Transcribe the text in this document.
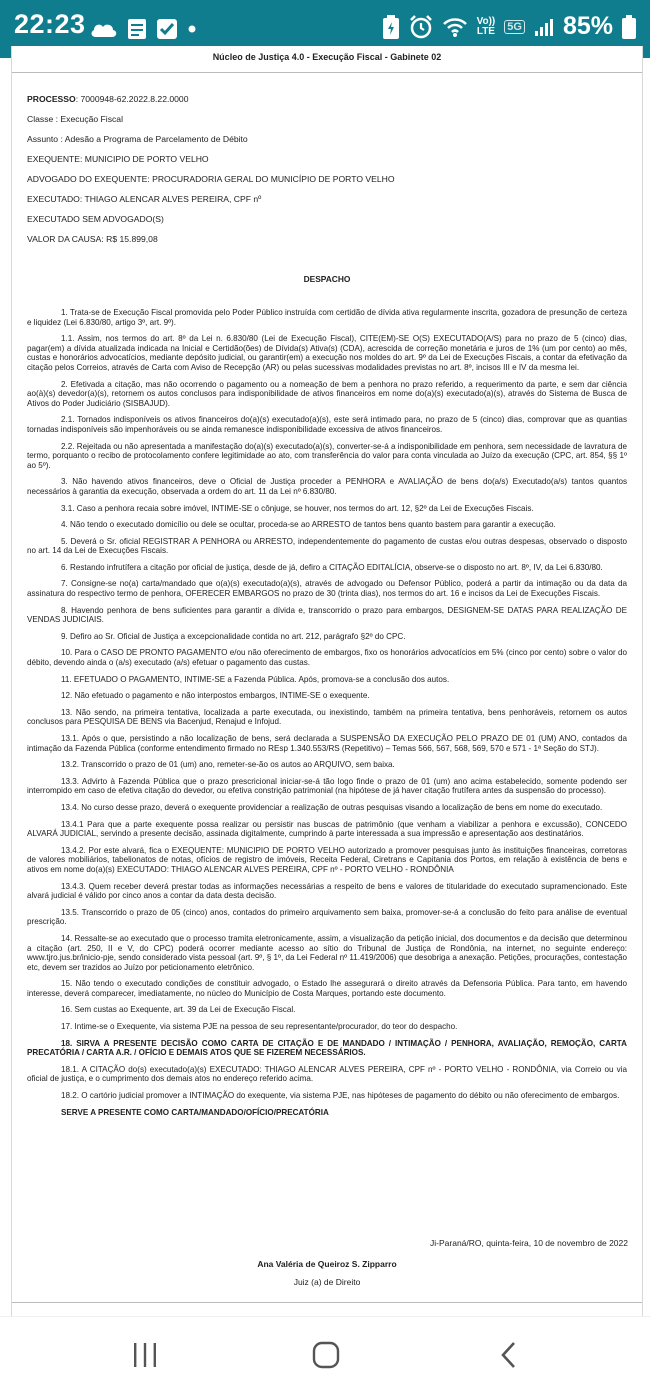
22:23	Vo))
LTE 5G 85%
Núcleo de Justiça 4.0 - Execução Fiscal - Gabinete 02
PROCESSO: 7000948-62.2022.8.22.0000
Classe : Execução Fiscal
Assunto : Adesão a Programa de Parcelamento de Débito
EXEQUENTE: MUNICIPIO DE PORTO VELHO
ADVOGADO DO EXEQUENTE: PROCURADORIA GERAL DO MUNICÍPIO DE PORTO VELHO
EXECUTADO: THIAGO ALENCAR ALVES PEREIRA, CPF nº
EXECUTADO SEM ADVOGADO(S)
VALOR DA CAUSA: R$ 15.899,08
DESPACHO

1. Trata-se de Execução Fiscal promovida pelo Poder Público instruída com certidão de dívida ativa regularmente inscrita, gozadora de presunção de certeza e liquidez (Lei 6.830/80, artigo 3º, art. 9º).

1.1. Assim, nos termos do art. 8º da Lei n. 6.830/80 (Lei de Execução Fiscal), CITE(EM)-SE O(S) EXECUTADO(A/S) para no prazo de 5 (cinco) dias, pagar(em) a dívida atualizada indicada na Inicial e Certidão(ões) de Dívida(s) Ativa(s) (CDA), acrescida de correção monetária e juros de 1% (um por cento) ao mês, custas e honorários advocatícios, mediante depósito judicial, ou garantir(em) a execução nos moldes do art. 9º da Lei de Execuções Fiscais, a contar da efetivação da citação pelos Correios, através de Carta com Aviso de Recepção (AR) ou pelas sucessivas modalidades previstas no art. 8º, incisos III e IV da mesma lei.

2. Efetivada a citação, mas não ocorrendo o pagamento ou a nomeação de bem a penhora no prazo referido, a requerimento da parte, e sem dar ciência ao(à)(s) devedor(a)(s), retornem os autos conclusos para indisponibilidade de ativos financeiros em nome do(a)(s) executado(a)(s), através do Sistema de Busca de Ativos do Poder Judiciário (SISBAJUD).

2.1. Tornados indisponíveis os ativos financeiros do(a)(s) executado(a)(s), este será intimado para, no prazo de 5 (cinco) dias, comprovar que as quantias tornadas indisponíveis são impenhoráveis ou se ainda remanesce indisponibilidade excessiva de ativos financeiros.

2.2. Rejeitada ou não apresentada a manifestação do(a)(s) executado(a)(s), converter-se-á a indisponibilidade em penhora, sem necessidade de lavratura de termo, porquanto o recibo de protocolamento confere legitimidade ao ato, com transferência do valor para conta vinculada ao Juízo da execução (CPC, art. 854, §§ 1º ao 5º).

3. Não havendo ativos financeiros, deve o Oficial de Justiça proceder a PENHORA e AVALIAÇÃO de bens do(a/s) Executado(a/s) tantos quantos necessários à garantia da execução, observada a ordem do art. 11 da Lei nº 6.830/80.

3.1. Caso a penhora recaia sobre imóvel, INTIME-SE o cônjuge, se houver, nos termos do art. 12, §2º da Lei de Execuções Fiscais.

4. Não tendo o executado domicílio ou dele se ocultar, proceda-se ao ARRESTO de tantos bens quanto bastem para garantir a execução.

5. Deverá o Sr. oficial REGISTRAR A PENHORA ou ARRESTO, independentemente do pagamento de custas e/ou outras despesas, observado o disposto no art. 14 da Lei de Execuções Fiscais.

6. Restando infrutífera a citação por oficial de justiça, desde de já, defiro a CITAÇÃO EDITALÍCIA, observe-se o disposto no art. 8º, IV, da Lei 6.830/80.

7. Consigne-se no(a) carta/mandado que o(a)(s) executado(a)(s), através de advogado ou Defensor Público, poderá a partir da intimação ou da data da assinatura do respectivo termo de penhora, OFERECER EMBARGOS no prazo de 30 (trinta dias), nos termos do art. 16 e incisos da Lei de Execuções Fiscais.

8. Havendo penhora de bens suficientes para garantir a dívida e, transcorrido o prazo para embargos, DESIGNEM-SE DATAS PARA REALIZAÇÃO DE VENDAS JUDICIAIS.

9. Defiro ao Sr. Oficial de Justiça a excepcionalidade contida no art. 212, parágrafo §2º do CPC.

10. Para o CASO DE PRONTO PAGAMENTO e/ou não oferecimento de embargos, fixo os honorários advocatícios em 5% (cinco por cento) sobre o valor do débito, devendo ainda o (a/s) executado (a/s) efetuar o pagamento das custas.

11. EFETUADO O PAGAMENTO, INTIME-SE a Fazenda Pública. Após, promova-se a conclusão dos autos.

12. Não efetuado o pagamento e não interpostos embargos, INTIME-SE o exequente.

13. Não sendo, na primeira tentativa, localizada a parte executada, ou inexistindo, também na primeira tentativa, bens penhoráveis, retornem os autos conclusos para PESQUISA DE BENS via Bacenjud, Renajud e Infojud.

13.1. Após o que, persistindo a não localização de bens, será declarada a SUSPENSÃO DA EXECUÇÃO PELO PRAZO DE 01 (UM) ANO, contados da intimação da Fazenda Pública (conforme entendimento firmado no REsp 1.340.553/RS (Repetitivo) – Temas 566, 567, 568, 569, 570 e 571 - 1ª Seção do STJ).

13.2. Transcorrido o prazo de 01 (um) ano, remeter-se-ão os autos ao ARQUIVO, sem baixa.

13.3. Advirto à Fazenda Pública que o prazo prescricional iniciar-se-á tão logo finde o prazo de 01 (um) ano acima estabelecido, somente podendo ser interrompido em caso de efetiva citação do devedor, ou efetiva constrição patrimonial (na hipótese de já haver citação frutífera antes da suspensão do processo).

13.4. No curso desse prazo, deverá o exequente providenciar a realização de outras pesquisas visando a localização de bens em nome do executado.

13.4.1 Para que a parte exequente possa realizar ou persistir nas buscas de patrimônio (que venham a viabilizar a penhora e excussão), CONCEDO ALVARÁ JUDICIAL, servindo a presente decisão, assinada digitalmente, cumprindo à parte interessada a sua impressão e apresentação aos destinatários.

13.4.2. Por este alvará, fica o EXEQUENTE: MUNICIPIO DE PORTO VELHO autorizado a promover pesquisas junto às instituições financeiras, corretoras de valores mobiliários, tabelionatos de notas, ofícios de registro de imóveis, Receita Federal, Ciretrans e Capitania dos Portos, em relação à existência de bens e ativos em nome do(a)(s) EXECUTADO: THIAGO ALENCAR ALVES PEREIRA, CPF nº - PORTO VELHO - RONDÔNIA

13.4.3. Quem receber deverá prestar todas as informações necessárias a respeito de bens e valores de titularidade do executado supramencionado. Este alvará judicial é válido por cinco anos a contar da data desta decisão.

13.5. Transcorrido o prazo de 05 (cinco) anos, contados do primeiro arquivamento sem baixa, promover-se-á a conclusão do feito para análise de eventual prescrição.

14. Ressalte-se ao executado que o processo tramita eletronicamente, assim, a visualização da petição inicial, dos documentos e da decisão que determinou a citação (art. 250, II e V, do CPC) poderá ocorrer mediante acesso ao sítio do Tribunal de Justiça de Rondônia, na internet, no seguinte endereço: www.tjro.jus.br/inicio-pje, sendo considerado vista pessoal (art. 9º, § 1º, da Lei Federal nº 11.419/2006) que desobriga a anexação. Petições, procurações, contestação etc, devem ser trazidos ao Juízo por peticionamento eletrônico.

15. Não tendo o executado condições de constituir advogado, o Estado lhe assegurará o direito através da Defensoria Pública. Para tanto, em havendo interesse, deverá comparecer, imediatamente, no núcleo do Município de Costa Marques, portando este documento.

16. Sem custas ao Exequente, art. 39 da Lei de Execução Fiscal.

17. Intime-se o Exequente, via sistema PJE na pessoa de seu representante/procurador, do teor do despacho.

18. SIRVA A PRESENTE DECISÃO COMO CARTA DE CITAÇÃO E DE MANDADO / INTIMAÇÃO / PENHORA, AVALIAÇÃO, REMOÇÃO, CARTA PRECATÓRIA / CARTA A.R. / OFÍCIO E DEMAIS ATOS QUE SE FIZEREM NECESSÁRIOS.

18.1. A CITAÇÃO do(s) executado(a)(s) EXECUTADO: THIAGO ALENCAR ALVES PEREIRA, CPF nº - PORTO VELHO - RONDÔNIA, via Correio ou via oficial de justiça, e o cumprimento dos demais atos no endereço referido acima.

18.2. O cartório judicial promover a INTIMAÇÃO do exequente, via sistema PJE, nas hipóteses de pagamento do débito ou não oferecimento de embargos.

SERVE A PRESENTE COMO CARTA/MANDADO/OFÍCIO/PRECATÓRIA

Ji-Paraná/RO, quinta-feira, 10 de novembro de 2022
Ana Valéria de Queiroz S. Zipparro
Juiz (a) de Direito
